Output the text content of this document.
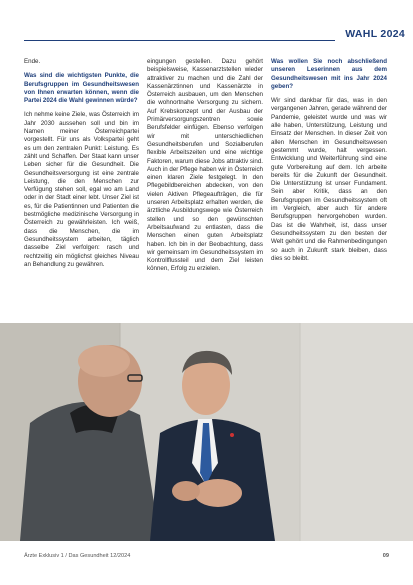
WAHL 2024

Ende.

Was sind die wichtigsten Punkte, die Berufsgruppen im Gesundheitswesen von Ihnen erwarten können, wenn die Partei 2024 die Wahl gewinnen würde?

Ich nehme keine Ziele, was Österreich im Jahr 2030 aussehen soll und bin im Namen meiner Österreichpartei vorgestellt. Für uns als Volkspartei geht es um den zentralen Punkt: Leistung. Es zählt und Schaffen. Der Staat kann unser Leben sicher für die Gesundheit. Die Gesundheitsversorgung ist eine zentrale Leistung, die den Menschen zur Verfügung stehen soll, egal wo am Land oder in der Stadt einer lebt. Unser Ziel ist es, für die Patientinnen und Patienten die bestmögliche medizinische Versorgung in Österreich zu gewährleisten. Ich weiß, dass die Menschen, die im Gesundheitssystem arbeiten, täglich dasselbe Ziel verfolgen: rasch und rechtzeitig ein möglichst gleiches Niveau an Behandlung zu gewähren.

eingungen gestellen. Dazu gehört beispielsweise, Kassenarztstellen wieder attraktiver zu machen und die Zahl der Kassenärztinnen und Kassenärzte in Österreich ausbauen, um den Menschen die wohnortnahe Versorgung zu sichern. Auf Krebskonzept und der Ausbau der Primärversorgungszentren sowie Berufsfelder einfügen. Ebenso verfolgen wir mit unterschiedlichen Gesundheitsberufen und Sozialberufen flexible Arbeitszeiten und eine wichtige Faktoren, warum diese Jobs attraktiv sind. Auch in der Pflege haben wir in Österreich einen klaren Ziele festgelegt. In den Pflegebildbereichen abdecken, von den vielen Aktiven Pflegeaufträgen, die für unseren Arbeitsplatz erhalten werden, die ärztliche Ausbildungswege wie Österreich stellen und so den gewünschten Arbeitsaufwand zu entlasten, dass die Menschen einen guten Arbeitsplatz haben. Ich bin in der Beobachtung, dass wir gemeinsam im Gesundheitssystem im Kontrollflussteil und dem Ziel leisten können, Erfolg zu erzielen.

Was wollen Sie noch abschließend unseren Leserinnen aus dem Gesundheitswesen mit ins Jahr 2024 geben?

Wir sind dankbar für das, was in den vergangenen Jahren, gerade während der Pandemie, geleistet wurde und was wir alle haben, Unterstützung, Leistung und Einsatz der Menschen. In dieser Zeit von allen Menschen im Gesundheitswesen gestemmt wurde, halt vergessen. Entwicklung und Weiterführung sind eine gute Vorbereitung auf dem. Ich arbeite bereits für die Zukunft der Gesundheit. Die Unterstützung ist unser Fundament. Sein aber Kritik, dass an den Berufsgruppen im Gesundheitssystem oft im Vergleich, aber auch für andere Berufsgruppen hervorgehoben wurden. Das ist die Wahrheit, ist, dass unser Gesundheitssystem zu den besten der Welt gehört und die Rahmenbedingungen so auch in Zukunft stark bleiben, dass dies so bleibt.

Ärzte Exklusiv 1 / Das Gesundheit 12/2024	09
